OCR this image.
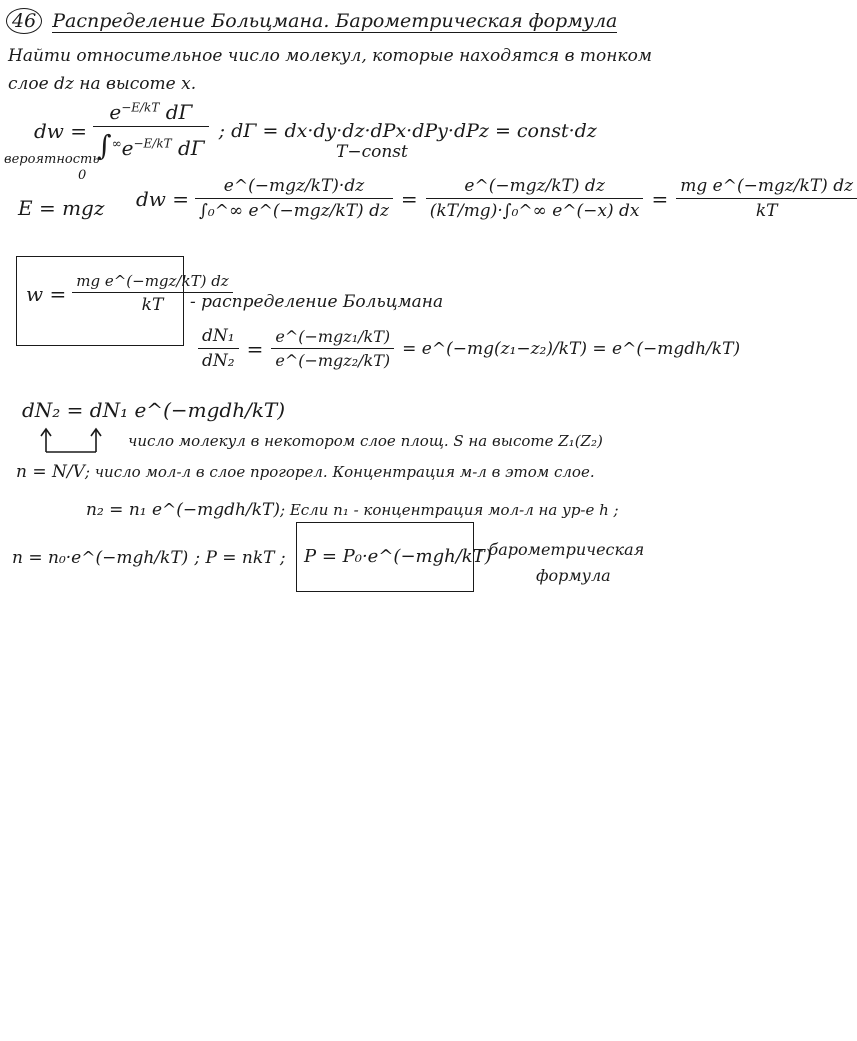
46 Распределение Больцмана. Барометрическая формула
Найти относительное число молекул, которые находятся в тонком
слое dz на высоте x.
dw = $\frac{e^{-E/kT} d\Gamma}{\int^\infty e^{-E/kT} d\Gamma}$ ; dΓ = dx·dy·dz·dPx·dPy·dPz = const·dz
вероятность
0
T−const
E = mgz dw = $\frac{\text{e\textasciicircum{}(−mgz/kT)·dz}}{\text{∫₀\textasciicircum{}∞ e\textasciicircum{}(−mgz/kT) dz}} = \frac{\text{e\textasciicircum{}(−mgz/kT) dz}}{\text{(kT/mg)·∫₀\textasciicircum{}∞ e\textasciicircum{}(−x) dx}} = \frac{\text{mg e\textasciicircum{}(−mgz/kT) dz}}{kT}$
$w = \frac{\text{mg e\textasciicircum{}(−mgz/kT) dz}}{kT}$
- распределение Больцмана
$\frac{\text{dN₁}}{\text{dN₂}} = \frac{\text{e\textasciicircum{}(−mgz₁/kT)}}{\text{e\textasciicircum{}(−mgz₂/kT)}}$ = e^(−mg(z₁−z₂)/kT) = e^(−mgdh/kT)
dN₂ = dN₁ e^(−mgdh/kT)
число молекул в некотором слое площ. S на высоте Z₁(Z₂)
n = N/V; число мол-л в слое прогорел. Концентрация м-л в этом слое.
n₂ = n₁ e^(−mgdh/kT); Если n₁ - концентрация мол-л на ур-е h ;
n = n₀·e^(−mgh/kT) ; P = nkT ; P = P₀·e^(−mgh/kT)
- барометрическая
формула
